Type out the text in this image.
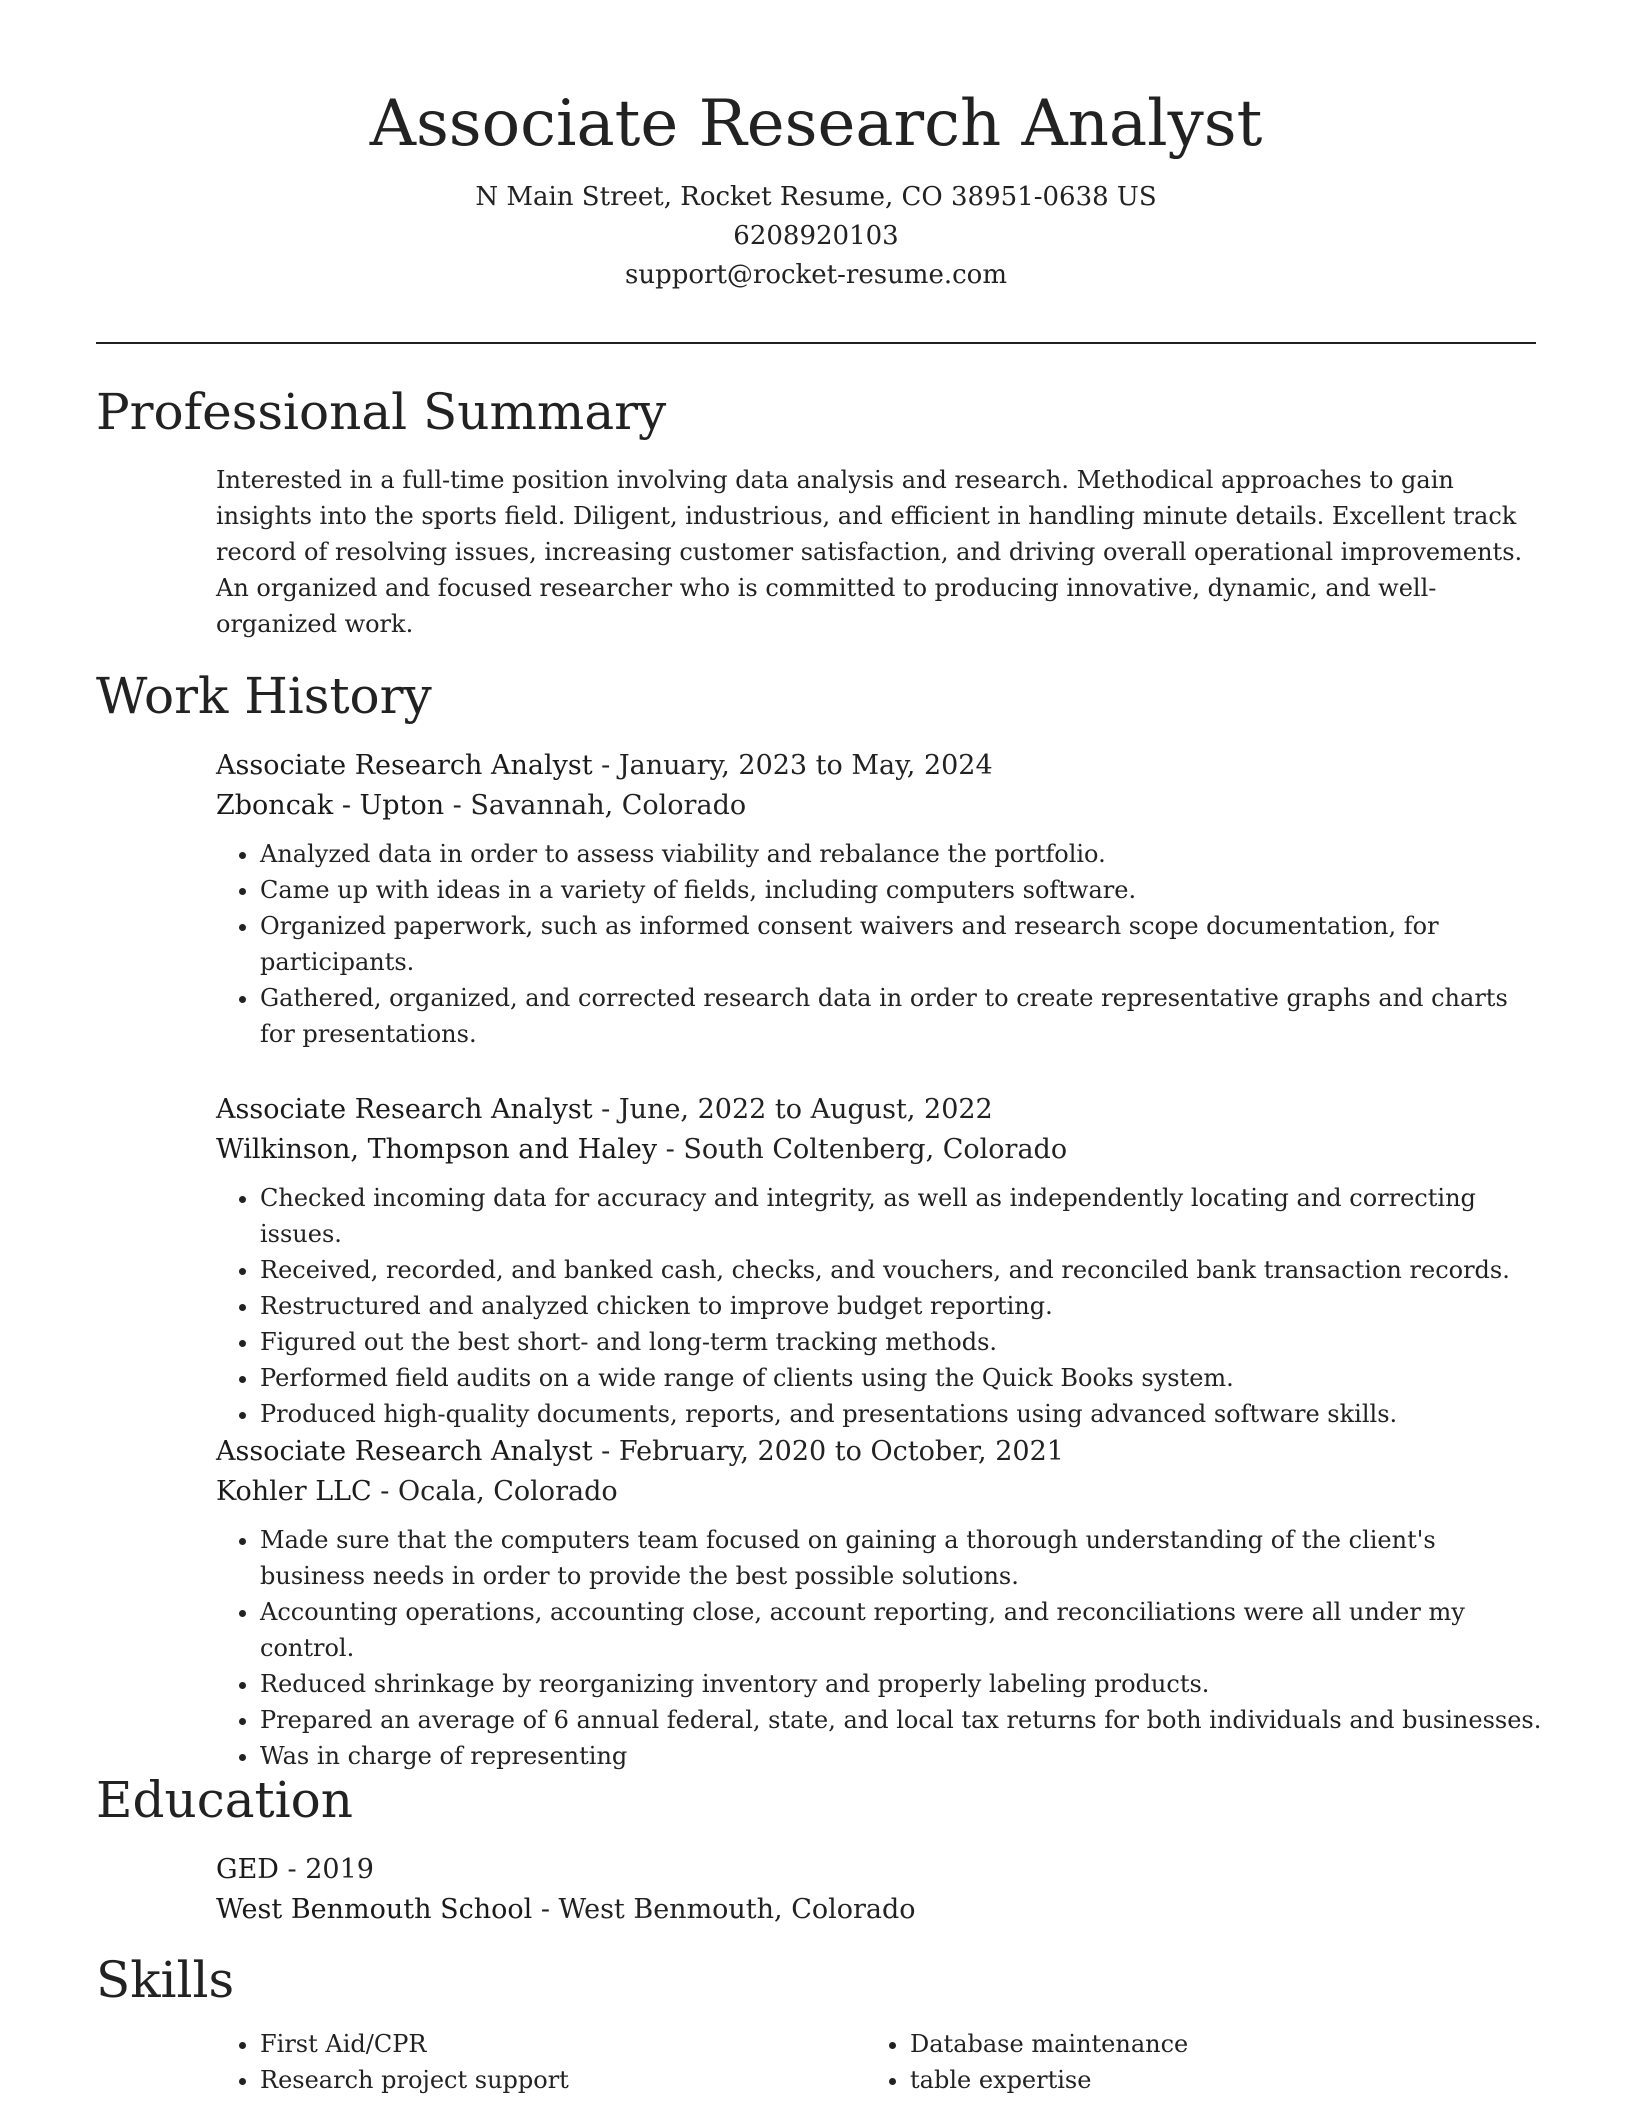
Associate Research Analyst
N Main Street, Rocket Resume, CO 38951-0638 US
6208920103
support@rocket-resume.com
Professional Summary

Interested in a full-time position involving data analysis and research. Methodical approaches to gain insights into the sports field. Diligent, industrious, and efficient in handling minute details. Excellent track record of resolving issues, increasing customer satisfaction, and driving overall operational improvements. An organized and focused researcher who is committed to producing innovative, dynamic, and well-organized work.

Work History
Associate Research Analyst - January, 2023 to May, 2024
Zboncak - Upton - Savannah, Colorado
• Analyzed data in order to assess viability and rebalance the portfolio.
• Came up with ideas in a variety of fields, including computers software.
• Organized paperwork, such as informed consent waivers and research scope documentation, for participants.
• Gathered, organized, and corrected research data in order to create representative graphs and charts for presentations.
Associate Research Analyst - June, 2022 to August, 2022
Wilkinson, Thompson and Haley - South Coltenberg, Colorado
• Checked incoming data for accuracy and integrity, as well as independently locating and correcting issues.
• Received, recorded, and banked cash, checks, and vouchers, and reconciled bank transaction records.
• Restructured and analyzed chicken to improve budget reporting.
• Figured out the best short- and long-term tracking methods.
• Performed field audits on a wide range of clients using the Quick Books system.
• Produced high-quality documents, reports, and presentations using advanced software skills.
Associate Research Analyst - February, 2020 to October, 2021
Kohler LLC - Ocala, Colorado
• Made sure that the computers team focused on gaining a thorough understanding of the client's business needs in order to provide the best possible solutions.
• Accounting operations, accounting close, account reporting, and reconciliations were all under my control.
• Reduced shrinkage by reorganizing inventory and properly labeling products.
• Prepared an average of 6 annual federal, state, and local tax returns for both individuals and businesses.
• Was in charge of representing
Education
GED - 2019
West Benmouth School - West Benmouth, Colorado
Skills
• First Aid/CPR
• Research project support
• Database maintenance
• table expertise
